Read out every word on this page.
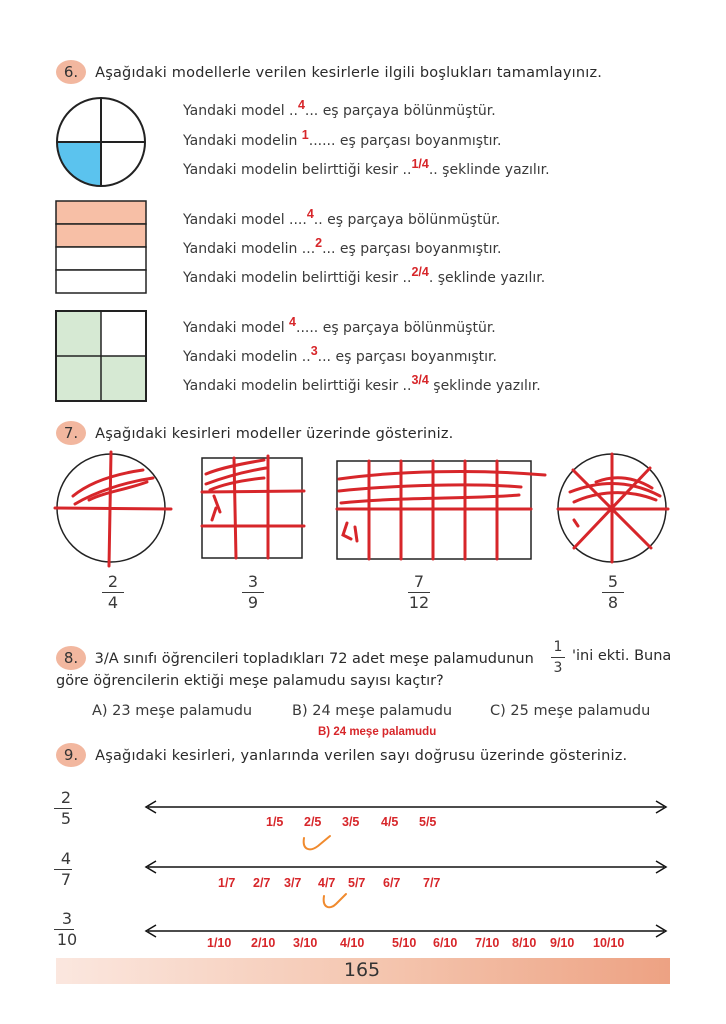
6. Aşağıdaki modellerle verilen kesirlerle ilgili boşlukları tamamlayınız.
Yandaki model ..4... eş parçaya bölünmüştür.
Yandaki modelin 1...... eş parçası boyanmıştır.
Yandaki modelin belirttiği kesir ..1/4.. şeklinde yazılır.
Yandaki model ....4.. eş parçaya bölünmüştür.
Yandaki modelin ...2... eş parçası boyanmıştır.
Yandaki modelin belirttiği kesir ..2/4. şeklinde yazılır.
Yandaki model 4..... eş parçaya bölünmüştür.
Yandaki modelin ..3... eş parçası boyanmıştır.
Yandaki modelin belirttiği kesir ..3/4 şeklinde yazılır.
7. Aşağıdaki kesirleri modeller üzerinde gösteriniz.
2
4
3
9
7
12
5
8
8. 3/A sınıfı öğrencileri topladıkları 72 adet meşe palamudunun
1
3
'ini ekti. Buna
göre öğrencilerin ektiği meşe palamudu sayısı kaçtır?
A) 23 meşe palamudu	B) 24 meşe palamudu	C) 25 meşe palamudu
B) 24 meşe palamudu
9. Aşağıdaki kesirleri, yanlarında verilen sayı doğrusu üzerinde gösteriniz.
2
5
4
7
3
10
1/5 2/5 3/5 4/5 5/5
1/7 2/7 3/7 4/7 5/7 6/7 7/7
1/10 2/10 3/10 4/10 5/10 6/10 7/10 8/10 9/10 10/10
165
